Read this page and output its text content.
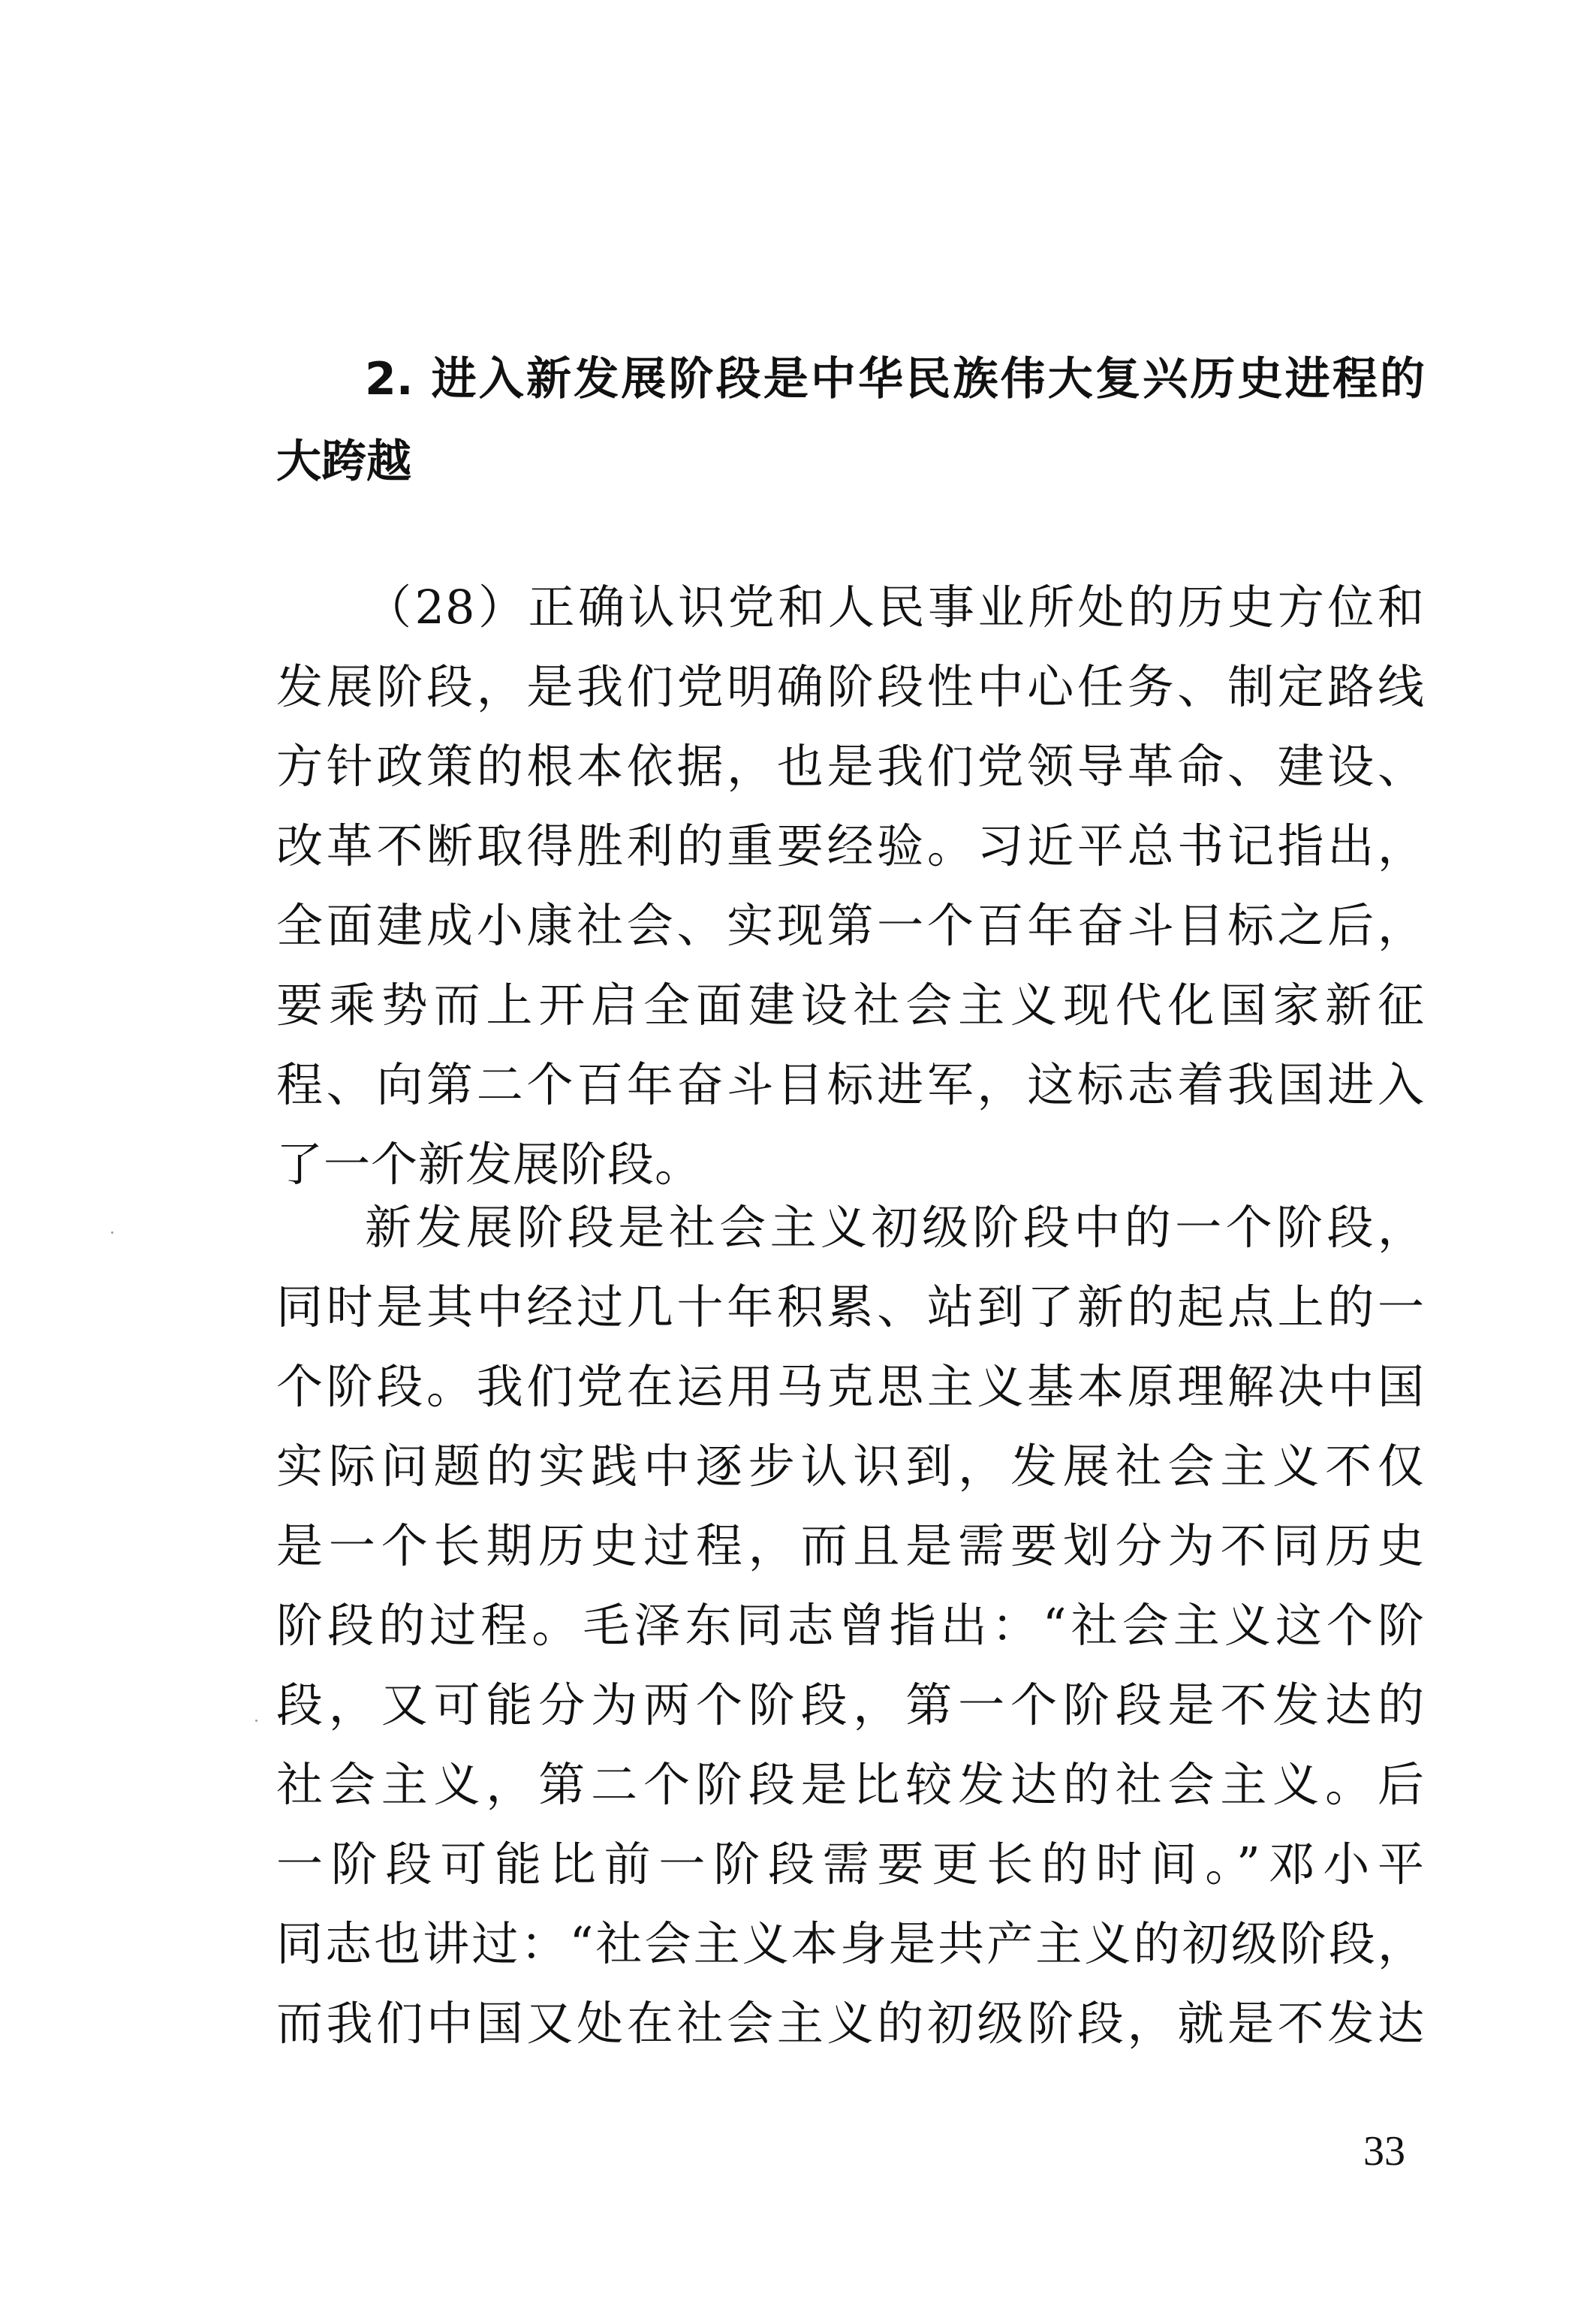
2. 进入新发展阶段是中华民族伟大复兴历史进程的
大跨越
（28）正确认识党和人民事业所处的历史方位和
发展阶段，是我们党明确阶段性中心任务、制定路线
方针政策的根本依据，也是我们党领导革命、建设、
改革不断取得胜利的重要经验。习近平总书记指出，
全面建成小康社会、实现第一个百年奋斗目标之后，
要乘势而上开启全面建设社会主义现代化国家新征
程、向第二个百年奋斗目标进军，这标志着我国进入
了一个新发展阶段。
新发展阶段是社会主义初级阶段中的一个阶段，
同时是其中经过几十年积累、站到了新的起点上的一
个阶段。我们党在运用马克思主义基本原理解决中国
实际问题的实践中逐步认识到，发展社会主义不仅
是一个长期历史过程，而且是需要划分为不同历史
阶段的过程。毛泽东同志曾指出：“社会主义这个阶
段，又可能分为两个阶段，第一个阶段是不发达的
社会主义，第二个阶段是比较发达的社会主义。后
一阶段可能比前一阶段需要更长的时间。”邓小平
同志也讲过：“社会主义本身是共产主义的初级阶段，
而我们中国又处在社会主义的初级阶段，就是不发达
33
